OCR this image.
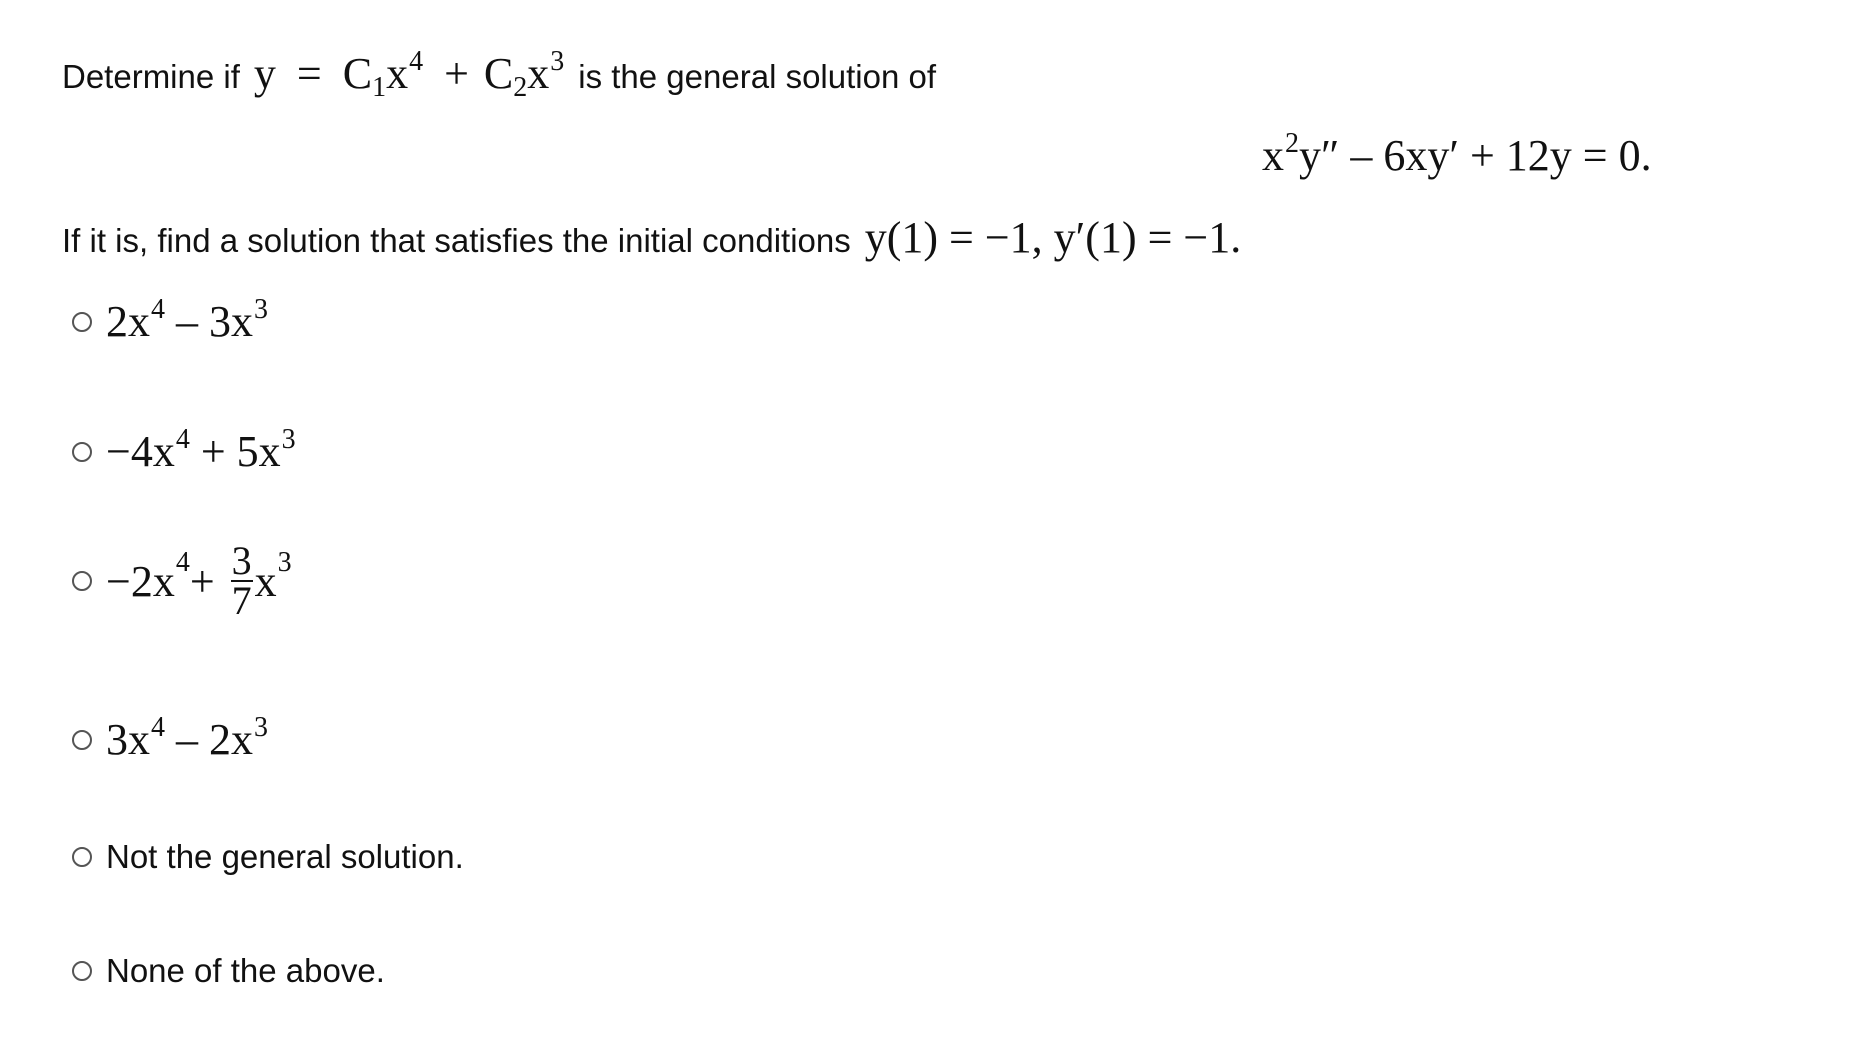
Determine if $y = C_1x^4 + C_2x^3$ is the general solution of
$x^2y'' - 6xy' + 12y = 0$.
If it is, find a solution that satisfies the initial conditions y(1) = −1, y′(1) = −1.
$2x^4 - 3x^3$
$-4x^4 + 5x^3$
$-2x^4 + \frac{3}{7} x^3$
$3x^4 - 2x^3$
Not the general solution.
None of the above.
